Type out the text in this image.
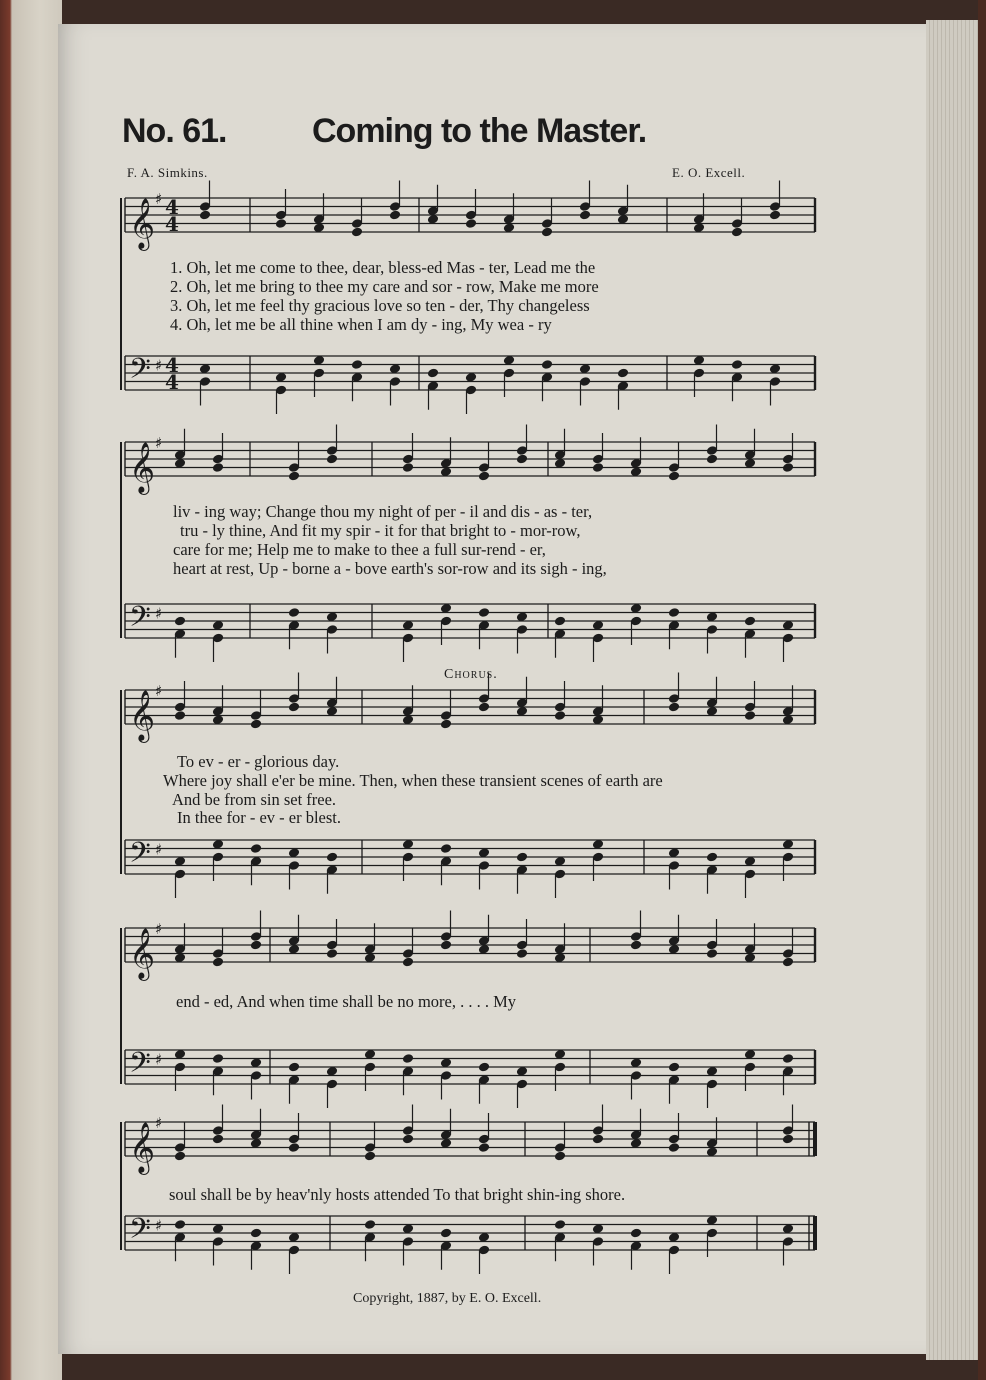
No. 61.	Coming to the Master.
F. A. Simkins.	E. O. Excell.
Chorus.
1. Oh, let me come to thee, dear, bless-ed Mas - ter, Lead me the
2. Oh, let me bring to thee my care and sor - row, Make me more
3. Oh, let me feel thy gracious love so ten - der, Thy changeless
4. Oh, let me be all thine when I am dy - ing, My wea - ry
liv - ing way; Change thou my night of per - il and dis - as - ter,
tru - ly thine, And fit my spir - it for that bright to - mor-row,
care for me; Help me to make to thee a full sur-rend - er,
heart at rest, Up - borne a - bove earth's sor-row and its sigh - ing,
To ev - er - glorious day.
Where joy shall e'er be mine. Then, when these transient scenes of earth are
And be from sin set free.
In thee for - ev - er blest.
end - ed, And when time shall be no more, . . . . My
soul shall be by heav'nly hosts attended To that bright shin-ing shore.
Copyright, 1887, by E. O. Excell.
𝄞 ♯ 4
4
𝄢 ♯ 4
4
𝄞 ♯
𝄢 ♯
𝄞 ♯
𝄢 ♯
𝄞 ♯
𝄢 ♯
𝄞 ♯
𝄢 ♯
